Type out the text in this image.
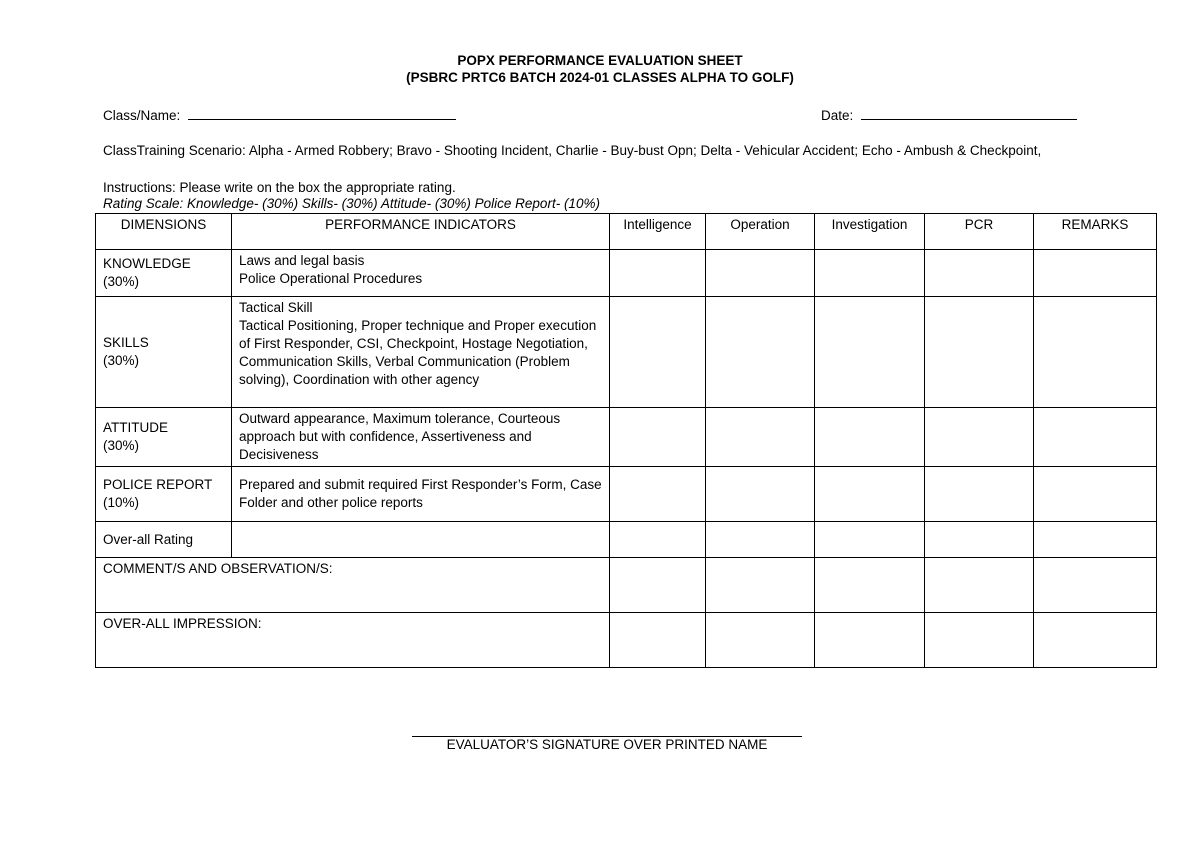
POPX PERFORMANCE EVALUATION SHEET
(PSBRC PRTC6 BATCH 2024-01 CLASSES ALPHA TO GOLF)
Class/Name:	Date:
ClassTraining Scenario: Alpha - Armed Robbery; Bravo - Shooting Incident, Charlie - Buy-bust Opn; Delta - Vehicular Accident; Echo - Ambush & Checkpoint,
Instructions: Please write on the box the appropriate rating.
Rating Scale: Knowledge- (30%) Skills- (30%) Attitude- (30%) Police Report- (10%)
DIMENSIONS	PERFORMANCE INDICATORS	Intelligence	Operation	Investigation	PCR	REMARKS

KNOWLEDGE
(30%)	Laws and legal basis
Police Operational Procedures					

SKILLS
(30%)	Tactical Skill
Tactical Positioning, Proper technique and Proper execution of First Responder, CSI, Checkpoint, Hostage Negotiation, Communication Skills, Verbal Communication (Problem solving), Coordination with other agency					

ATTITUDE
(30%)	Outward appearance, Maximum tolerance, Courteous approach but with confidence, Assertiveness and Decisiveness					

POLICE REPORT
(10%)	Prepared and submit required First Responder’s Form, Case Folder and other police reports					

Over-all Rating						
COMMENT/S AND OBSERVATION/S:						
OVER-ALL IMPRESSION:						
EVALUATOR’S SIGNATURE OVER PRINTED NAME
